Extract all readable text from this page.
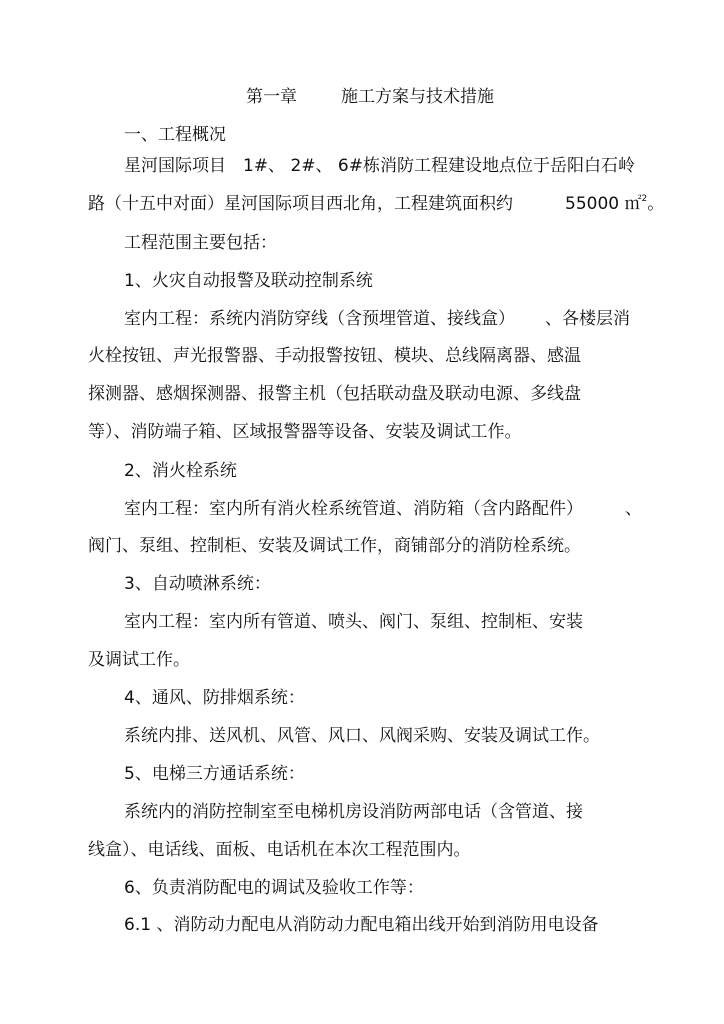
第一章	施工方案与技术措施

一、工程概况

星河国际项目　1#、 2#、 6#栋消防工程建设地点位于岳阳白石岭

路（十五中对面）星河国际项目西北角，工程建筑面积约	55000 ㎡$^2$。

工程范围主要包括：

1、火灾自动报警及联动控制系统

室内工程：系统内消防穿线（含预埋管道、接线盒） 、各楼层消

火栓按钮、声光报警器、手动报警按钮、模块、总线隔离器、感温

探测器、感烟探测器、报警主机（包括联动盘及联动电源、多线盘

等）、消防端子箱、区域报警器等设备、安装及调试工作。

2、消火栓系统

室内工程：室内所有消火栓系统管道、消防箱（含内路配件） 、

阀门、泵组、控制柜、安装及调试工作，商铺部分的消防栓系统。

3、自动喷淋系统：

室内工程：室内所有管道、喷头、阀门、泵组、控制柜、安装

及调试工作。

4、通风、防排烟系统：

系统内排、送风机、风管、风口、风阀采购、安装及调试工作。

5、电梯三方通话系统：

系统内的消防控制室至电梯机房设消防两部电话（含管道、接

线盒）、电话线、面板、电话机在本次工程范围内。

6、负责消防配电的调试及验收工作等：

6.1 、消防动力配电从消防动力配电箱出线开始到消防用电设备
